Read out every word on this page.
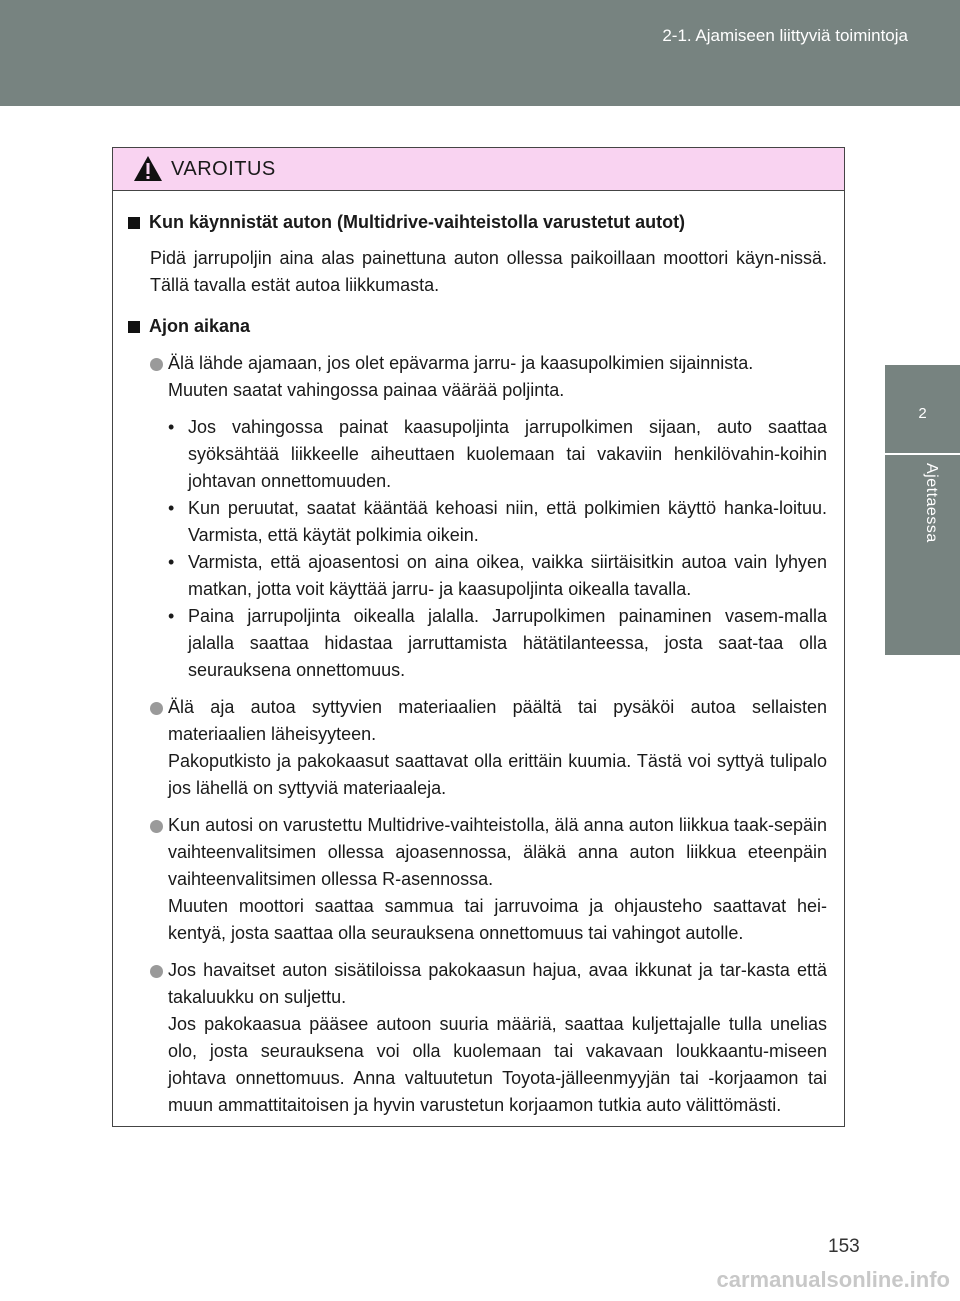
2-1. Ajamiseen liittyviä toimintoja
2
Ajettaessa
VAROITUS
Kun käynnistät auton (Multidrive-vaihteistolla varustetut autot)
Pidä jarrupoljin aina alas painettuna auton ollessa paikoillaan moottori käyn-nissä. Tällä tavalla estät autoa liikkumasta.
Ajon aikana
Älä lähde ajamaan, jos olet epävarma jarru- ja kaasupolkimien sijainnista.
Muuten saatat vahingossa painaa väärää poljinta.
• Jos vahingossa painat kaasupoljinta jarrupolkimen sijaan, auto saattaa syöksähtää liikkeelle aiheuttaen kuolemaan tai vakaviin henkilövahin-koihin johtavan onnettomuuden.
• Kun peruutat, saatat kääntää kehoasi niin, että polkimien käyttö hanka-loituu. Varmista, että käytät polkimia oikein.
• Varmista, että ajoasentosi on aina oikea, vaikka siirtäisitkin autoa vain lyhyen matkan, jotta voit käyttää jarru- ja kaasupoljinta oikealla tavalla.
• Paina jarrupoljinta oikealla jalalla. Jarrupolkimen painaminen vasem-malla jalalla saattaa hidastaa jarruttamista hätätilanteessa, josta saat-taa olla seurauksena onnettomuus.
Älä aja autoa syttyvien materiaalien päältä tai pysäköi autoa sellaisten materiaalien läheisyyteen.
Pakoputkisto ja pakokaasut saattavat olla erittäin kuumia. Tästä voi syttyä tulipalo jos lähellä on syttyviä materiaaleja.
Kun autosi on varustettu Multidrive-vaihteistolla, älä anna auton liikkua taak-sepäin vaihteenvalitsimen ollessa ajoasennossa, äläkä anna auton liikkua eteenpäin vaihteenvalitsimen ollessa R-asennossa.
Muuten moottori saattaa sammua tai jarruvoima ja ohjausteho saattavat hei-kentyä, josta saattaa olla seurauksena onnettomuus tai vahingot autolle.
Jos havaitset auton sisätiloissa pakokaasun hajua, avaa ikkunat ja tar-kasta että takaluukku on suljettu.
Jos pakokaasua pääsee autoon suuria määriä, saattaa kuljettajalle tulla unelias olo, josta seurauksena voi olla kuolemaan tai vakavaan loukkaantu-miseen johtava onnettomuus. Anna valtuutetun Toyota-jälleenmyyjän tai -korjaamon tai muun ammattitaitoisen ja hyvin varustetun korjaamon tutkia auto välittömästi.
153
carmanualsonline.info
